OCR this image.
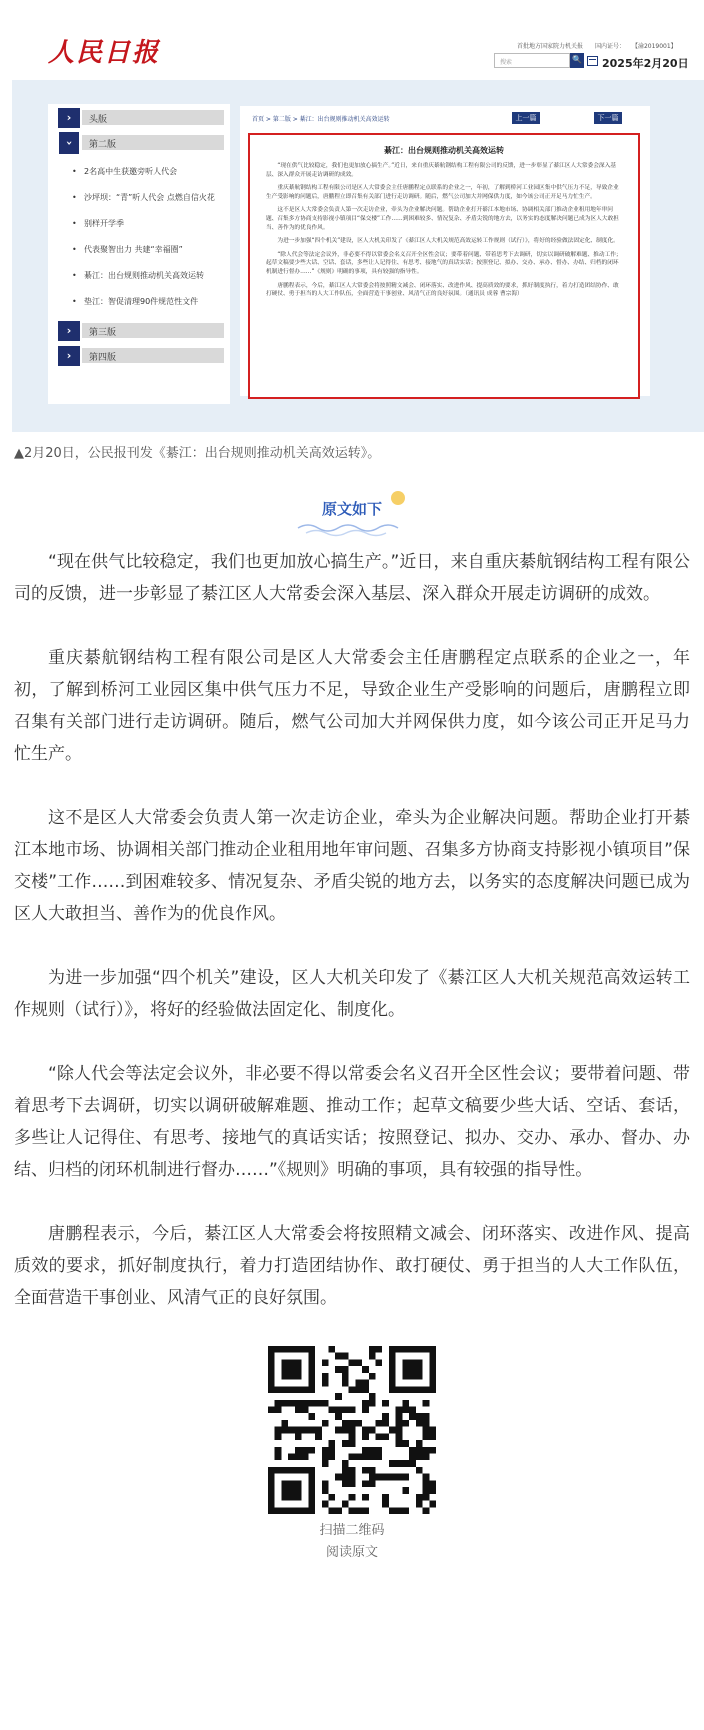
人民日报	首批地方国家院力机关报 国内证号： 【渝2019001】
搜索	🔍 2025年2月20日
›	头版
›	第二版
• 2名高中生获邀旁听人代会
• 沙坪坝：“青”听人代会 点燃自信火花
• 别样开学季
• 代表聚智出力 共建“幸福圈”
• 綦江：出台规则推动机关高效运转
• 垫江：智促清理90件规范性文件
›	第三版
›	第四版
首页 > 第二版 > 綦江：出台规则推动机关高效运转	上一篇	下一篇
綦江：出台规则推动机关高效运转

“现在供气比较稳定，我们也更加放心搞生产。”近日，来自重庆綦航钢结构工程有限公司的反馈，进一步彰显了綦江区人大常委会深入基层、深入群众开展走访调研的成效。

重庆綦航钢结构工程有限公司是区人大常委会主任唐鹏程定点联系的企业之一，年初，了解到桥河工业园区集中供气压力不足，导致企业生产受影响的问题后，唐鹏程立即召集有关部门进行走访调研。随后，燃气公司加大并网保供力度，如今该公司正开足马力忙生产。

这不是区人大常委会负责人第一次走访企业，牵头为企业解决问题。帮助企业打开綦江本地市场、协调相关部门推动企业租用地年审问题、召集多方协商支持影视小镇项目“保交楼”工作……到困难较多、情况复杂、矛盾尖锐的地方去，以务实的态度解决问题已成为区人大敢担当、善作为的优良作风。

为进一步加强“四个机关”建设，区人大机关印发了《綦江区人大机关规范高效运转工作规则（试行）》，将好的经验做法固定化、制度化。

“除人代会等法定会议外，非必要不得以常委会名义召开全区性会议；要带着问题、带着思考下去调研，切实以调研破解难题、推动工作；起草文稿要少些大话、空话、套话，多些让人记得住、有思考、接地气的真话实话；按照登记、拟办、交办、承办、督办、办结、归档的闭环机制进行督办……”《规则》明确的事项，具有较强的指导性。

唐鹏程表示，今后，綦江区人大常委会将按照精文减会、闭环落实、改进作风、提高质效的要求，抓好制度执行，着力打造团结协作、敢打硬仗、勇于担当的人大工作队伍，全面营造干事创业、风清气正的良好氛围。（通讯员 成蓉 曹宗海）

▲2月20日，公民报刊发《綦江：出台规则推动机关高效运转》。
原文如下

“现在供气比较稳定，我们也更加放心搞生产。”近日，来自重庆綦航钢结构工程有限公司的反馈，进一步彰显了綦江区人大常委会深入基层、深入群众开展走访调研的成效。

重庆綦航钢结构工程有限公司是区人大常委会主任唐鹏程定点联系的企业之一，年初，了解到桥河工业园区集中供气压力不足，导致企业生产受影响的问题后，唐鹏程立即召集有关部门进行走访调研。随后，燃气公司加大并网保供力度，如今该公司正开足马力忙生产。

这不是区人大常委会负责人第一次走访企业，牵头为企业解决问题。帮助企业打开綦江本地市场、协调相关部门推动企业租用地年审问题、召集多方协商支持影视小镇项目”保交楼”工作……到困难较多、情况复杂、矛盾尖锐的地方去，以务实的态度解决问题已成为区人大敢担当、善作为的优良作风。

为进一步加强“四个机关”建设，区人大机关印发了《綦江区人大机关规范高效运转工作规则（试行）》，将好的经验做法固定化、制度化。

“除人代会等法定会议外，非必要不得以常委会名义召开全区性会议；要带着问题、带着思考下去调研，切实以调研破解难题、推动工作；起草文稿要少些大话、空话、套话，多些让人记得住、有思考、接地气的真话实话；按照登记、拟办、交办、承办、督办、办结、归档的闭环机制进行督办……”《规则》明确的事项，具有较强的指导性。

唐鹏程表示，今后，綦江区人大常委会将按照精文减会、闭环落实、改进作风、提高质效的要求，抓好制度执行，着力打造团结协作、敢打硬仗、勇于担当的人大工作队伍，全面营造干事创业、风清气正的良好氛围。

扫描二维码
阅读原文
